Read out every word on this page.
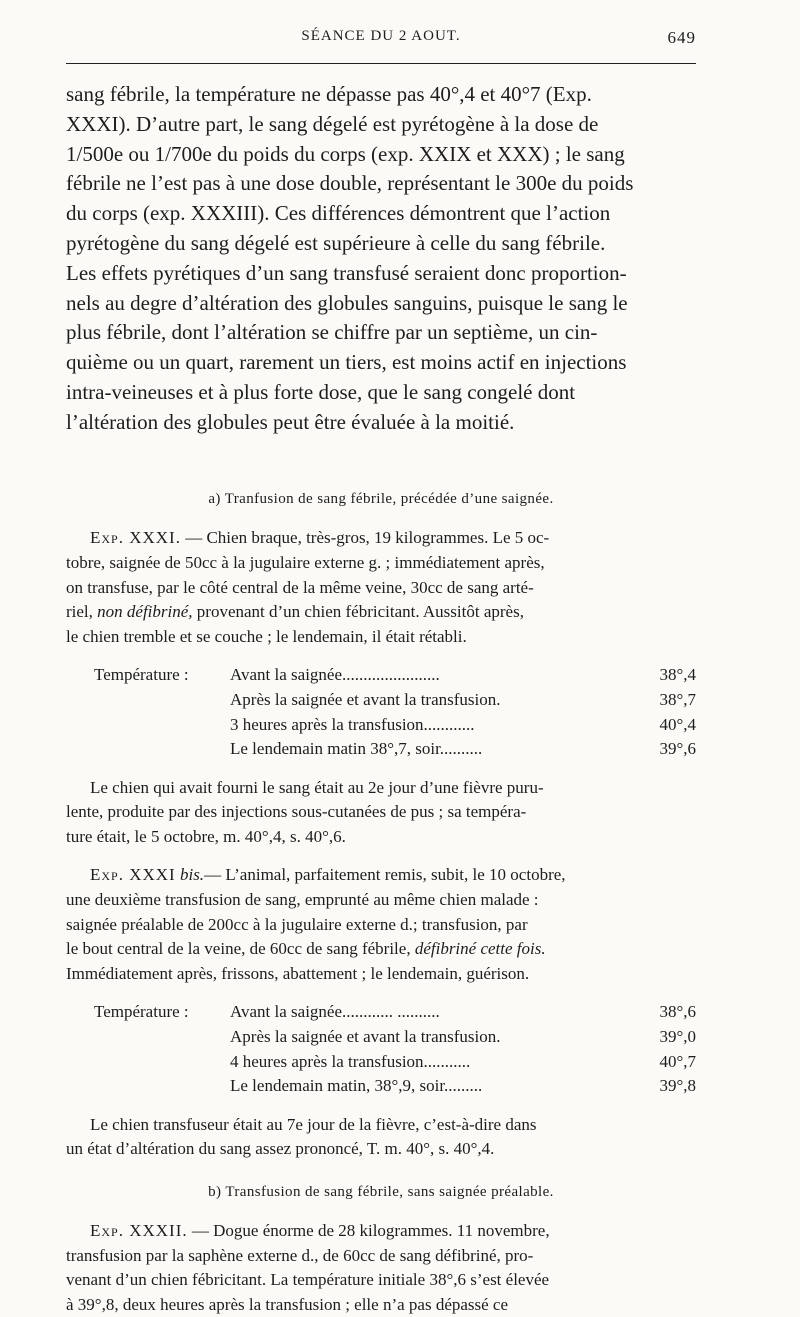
SÉANCE DU 2 AOUT.	649
sang fébrile, la température ne dépasse pas 40°,4 et 40°7 (Exp.
XXXI). D’autre part, le sang dégelé est pyrétogène à la dose de
1/500e ou 1/700e du poids du corps (exp. XXIX et XXX) ; le sang
fébrile ne l’est pas à une dose double, représentant le 300e du poids
du corps (exp. XXXIII). Ces différences démontrent que l’action
pyrétogène du sang dégelé est supérieure à celle du sang fébrile.
Les effets pyrétiques d’un sang transfusé seraient donc proportion-
nels au degre d’altération des globules sanguins, puisque le sang le
plus fébrile, dont l’altération se chiffre par un septième, un cin-
quième ou un quart, rarement un tiers, est moins actif en injections
intra-veineuses et à plus forte dose, que le sang congelé dont
l’altération des globules peut être évaluée à la moitié.

a) Tranfusion de sang fébrile, précédée d’une saignée.

Exp. XXXI. — Chien braque, très-gros, 19 kilogrammes. Le 5 oc-
tobre, saignée de 50cc à la jugulaire externe g. ; immédiatement après,
on transfuse, par le côté central de la même veine, 30cc de sang arté-
riel, non défibriné, provenant d’un chien fébricitant. Aussitôt après,
le chien tremble et se couche ; le lendemain, il était rétabli.
Température :	Avant la saignée.......................	38°,4
Après la saignée et avant la transfusion.	38°,7
3 heures après la transfusion............	40°,4
Le lendemain matin 38°,7, soir..........	39°,6
Le chien qui avait fourni le sang était au 2e jour d’une fièvre puru-
lente, produite par des injections sous-cutanées de pus ; sa tempéra-
ture était, le 5 octobre, m. 40°,4, s. 40°,6.
Exp. XXXI bis.— L’animal, parfaitement remis, subit, le 10 octobre,
une deuxième transfusion de sang, emprunté au même chien malade :
saignée préalable de 200cc à la jugulaire externe d.; transfusion, par
le bout central de la veine, de 60cc de sang fébrile, défibriné cette fois.
Immédiatement après, frissons, abattement ; le lendemain, guérison.
Température :	Avant la saignée............ ..........	38°,6
Après la saignée et avant la transfusion.	39°,0
4 heures après la transfusion...........	40°,7
Le lendemain matin, 38°,9, soir.........	39°,8
Le chien transfuseur était au 7e jour de la fièvre, c’est-à-dire dans
un état d’altération du sang assez prononcé, T. m. 40°, s. 40°,4.

b) Transfusion de sang fébrile, sans saignée préalable.

Exp. XXXII. — Dogue énorme de 28 kilogrammes. 11 novembre,
transfusion par la saphène externe d., de 60cc de sang défibriné, pro-
venant d’un chien fébricitant. La température initiale 38°,6 s’est élevée
à 39°,8, deux heures après la transfusion ; elle n’a pas dépassé ce
